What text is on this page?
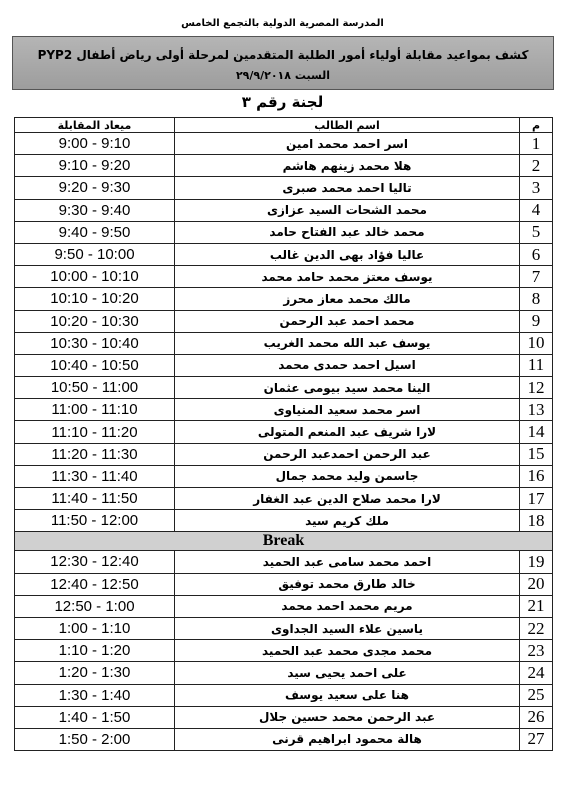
المدرسة المصرية الدولية بالتجمع الخامس
كشف بمواعيد مقابلة أولياء أمور الطلبة المتقدمين لمرحلة أولى رياض أطفال PYP2
السبت ٢٩/٩/٢٠١٨
لجنة رقم ٣
ميعاد المقابلة	اسم الطالب	م
9:00 - 9:10	اسر احمد محمد امين	1
9:10 - 9:20	هلا محمد زينهم هاشم	2
9:20 - 9:30	تاليا احمد محمد صبرى	3
9:30 - 9:40	محمد الشحات السيد عزازى	4
9:40 - 9:50	محمد خالد عبد الفتاح حامد	5
9:50 - 10:00	عاليا فؤاد بهى الدين غالب	6
10:00 - 10:10	يوسف معتز محمد حامد محمد	7
10:10 - 10:20	مالك محمد معاز محرز	8
10:20 - 10:30	محمد احمد عبد الرحمن	9
10:30 - 10:40	يوسف عبد الله محمد الغريب	10
10:40 - 10:50	اسيل احمد حمدى محمد	11
10:50 - 11:00	الينا محمد سيد بيومى عثمان	12
11:00 - 11:10	اسر محمد سعيد المنياوى	13
11:10 - 11:20	لارا شريف عبد المنعم المتولى	14
11:20 - 11:30	عبد الرحمن احمدعبد الرحمن	15
11:30 - 11:40	جاسمن وليد محمد جمال	16
11:40 - 11:50	لارا محمد صلاح الدين عبد الغفار	17
11:50 - 12:00	ملك كريم سيد	18
Break		
12:30 - 12:40	احمد محمد سامى عبد الحميد	19
12:40 - 12:50	خالد طارق محمد توفيق	20
12:50 - 1:00	مريم محمد احمد محمد	21
1:00 - 1:10	ياسين علاء السيد الجداوى	22
1:10 - 1:20	محمد مجدى محمد عبد الحميد	23
1:20 - 1:30	على احمد يحيى سيد	24
1:30 - 1:40	هنا على سعيد يوسف	25
1:40 - 1:50	عبد الرحمن محمد حسين جلال	26
1:50 - 2:00	هالة محمود ابراهيم قرنى	27
